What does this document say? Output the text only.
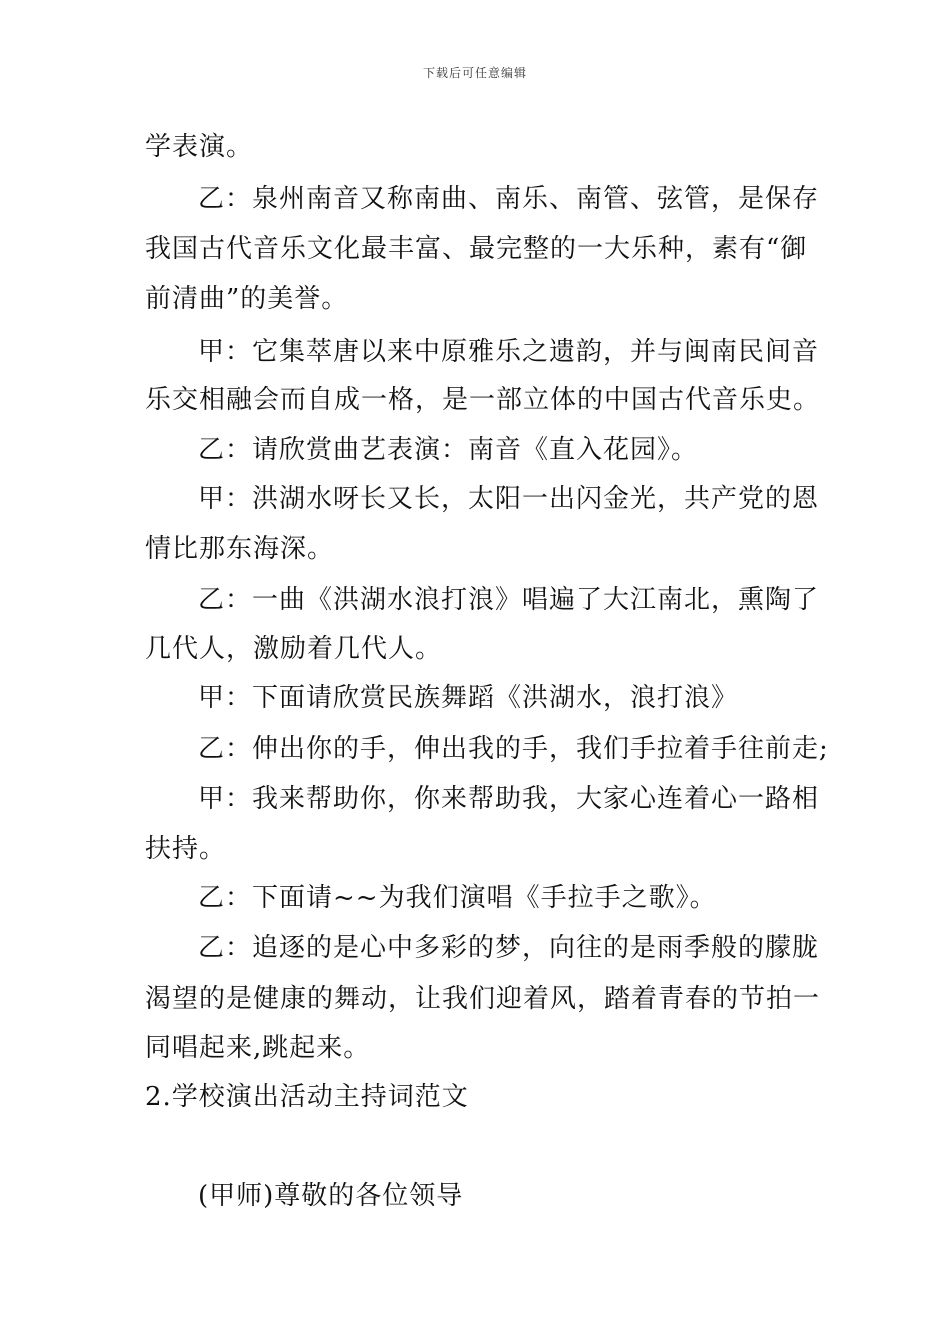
下载后可任意编辑
学表演。
乙：泉州南音又称南曲、南乐、南管、弦管，是保存
我国古代音乐文化最丰富、最完整的一大乐种，素有“御
前清曲”的美誉。
甲：它集萃唐以来中原雅乐之遗韵，并与闽南民间音
乐交相融会而自成一格，是一部立体的中国古代音乐史。
乙：请欣赏曲艺表演：南音《直入花园》。
甲：洪湖水呀长又长，太阳一出闪金光，共产党的恩
情比那东海深。
乙：一曲《洪湖水浪打浪》唱遍了大江南北，熏陶了
几代人，激励着几代人。
甲：下面请欣赏民族舞蹈《洪湖水，浪打浪》
乙：伸出你的手，伸出我的手，我们手拉着手往前走;
甲：我来帮助你，你来帮助我，大家心连着心一路相
扶持。
乙：下面请~~为我们演唱《手拉手之歌》。
乙：追逐的是心中多彩的梦，向往的是雨季般的朦胧
渴望的是健康的舞动，让我们迎着风，踏着青春的节拍一
同唱起来,跳起来。
2.学校演出活动主持词范文
(甲师)尊敬的各位领导
